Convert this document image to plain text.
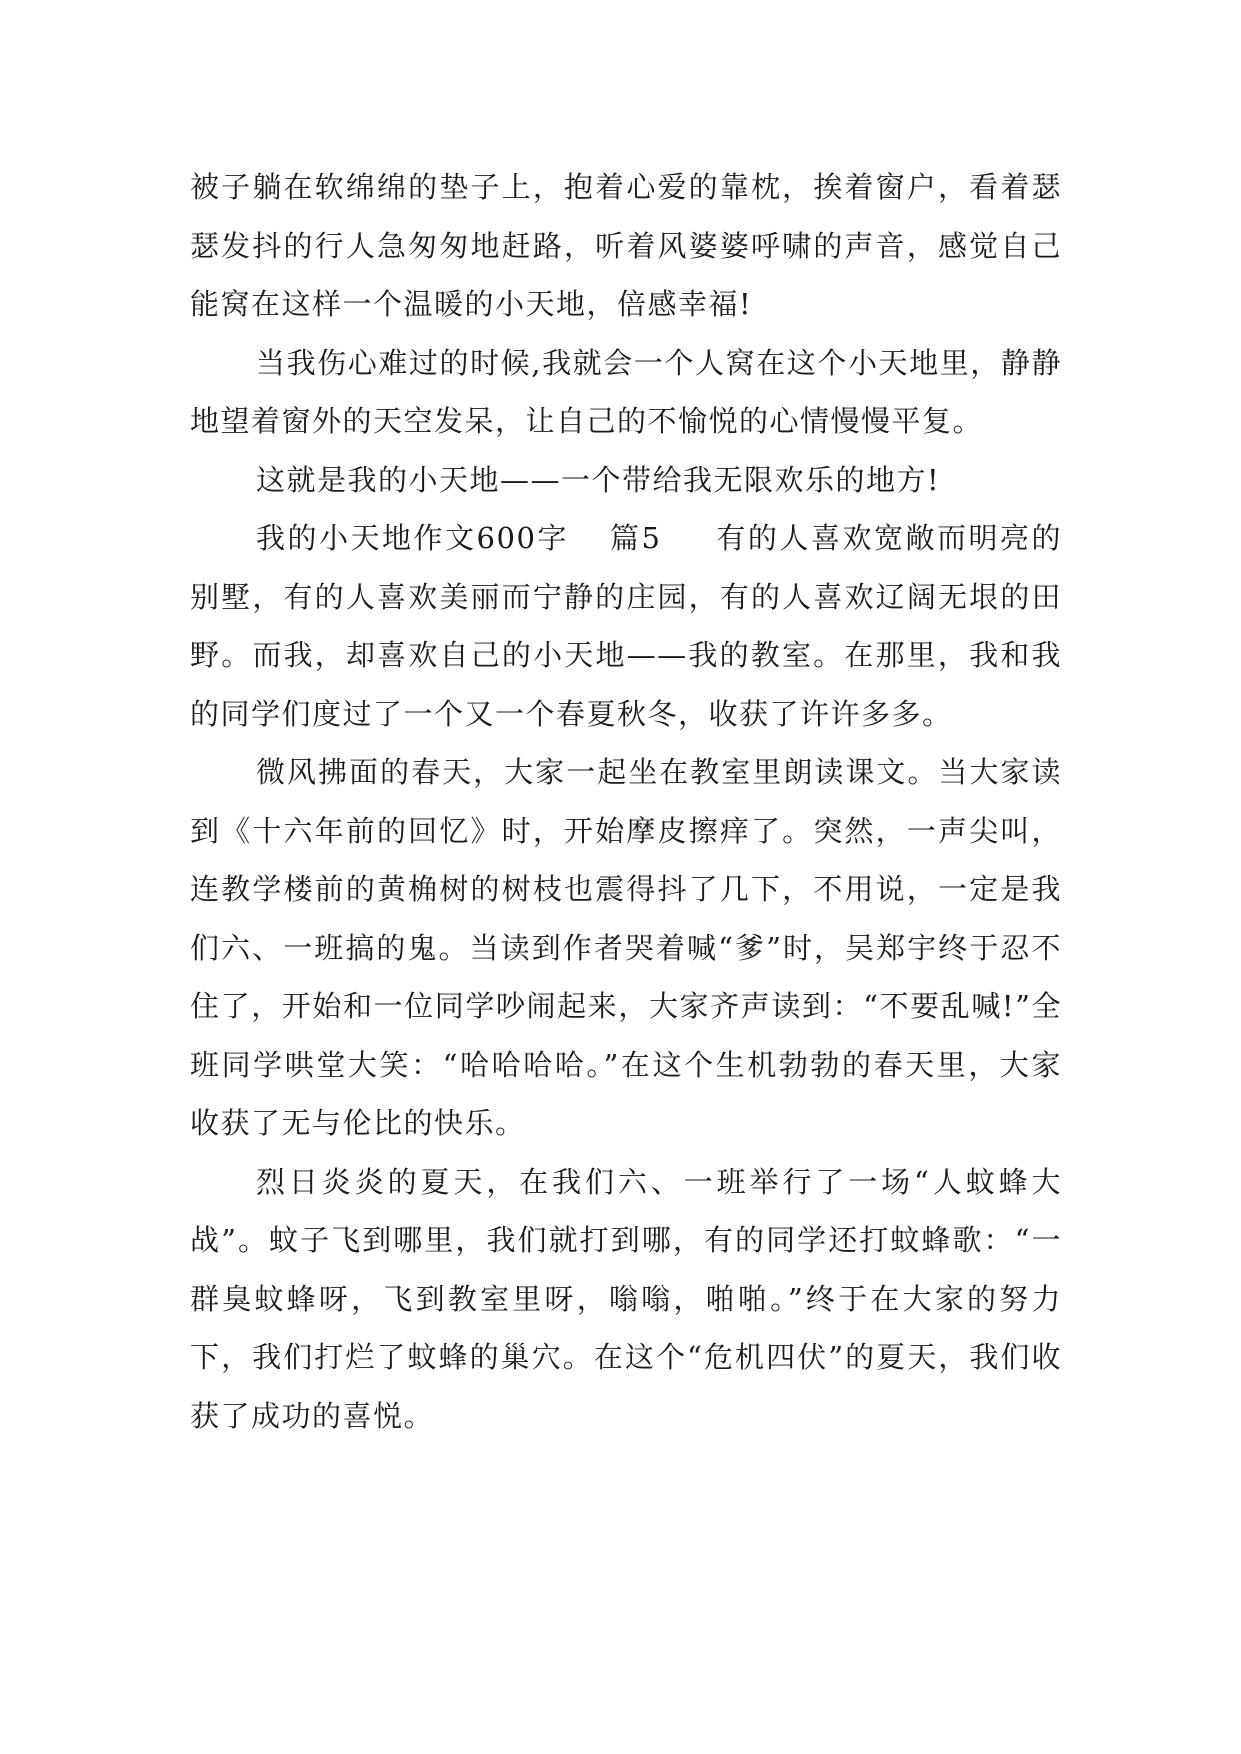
被子躺在软绵绵的垫子上，抱着心爱的靠枕，挨着窗户，看着瑟瑟发抖的行人急匆匆地赶路，听着风婆婆呼啸的声音，感觉自己能窝在这样一个温暖的小天地，倍感幸福!

当我伤心难过的时候,我就会一个人窝在这个小天地里，静静地望着窗外的天空发呆，让自己的不愉悦的心情慢慢平复。

这就是我的小天地——一个带给我无限欢乐的地方!

我的小天地作文600字 篇5 有的人喜欢宽敞而明亮的别墅，有的人喜欢美丽而宁静的庄园，有的人喜欢辽阔无垠的田野。而我，却喜欢自己的小天地——我的教室。在那里，我和我的同学们度过了一个又一个春夏秋冬，收获了许许多多。

微风拂面的春天，大家一起坐在教室里朗读课文。当大家读到《十六年前的回忆》时，开始摩皮擦痒了。突然，一声尖叫，连教学楼前的黄桷树的树枝也震得抖了几下，不用说，一定是我们六、一班搞的鬼。当读到作者哭着喊“爹”时，吴郑宇终于忍不住了，开始和一位同学吵闹起来，大家齐声读到：“不要乱喊!”全班同学哄堂大笑：“哈哈哈哈。”在这个生机勃勃的春天里，大家收获了无与伦比的快乐。

烈日炎炎的夏天，在我们六、一班举行了一场“人蚊蜂大战”。蚊子飞到哪里，我们就打到哪，有的同学还打蚊蜂歌：“一群臭蚊蜂呀，飞到教室里呀，嗡嗡，啪啪。”终于在大家的努力下，我们打烂了蚊蜂的巢穴。在这个“危机四伏”的夏天，我们收获了成功的喜悦。
